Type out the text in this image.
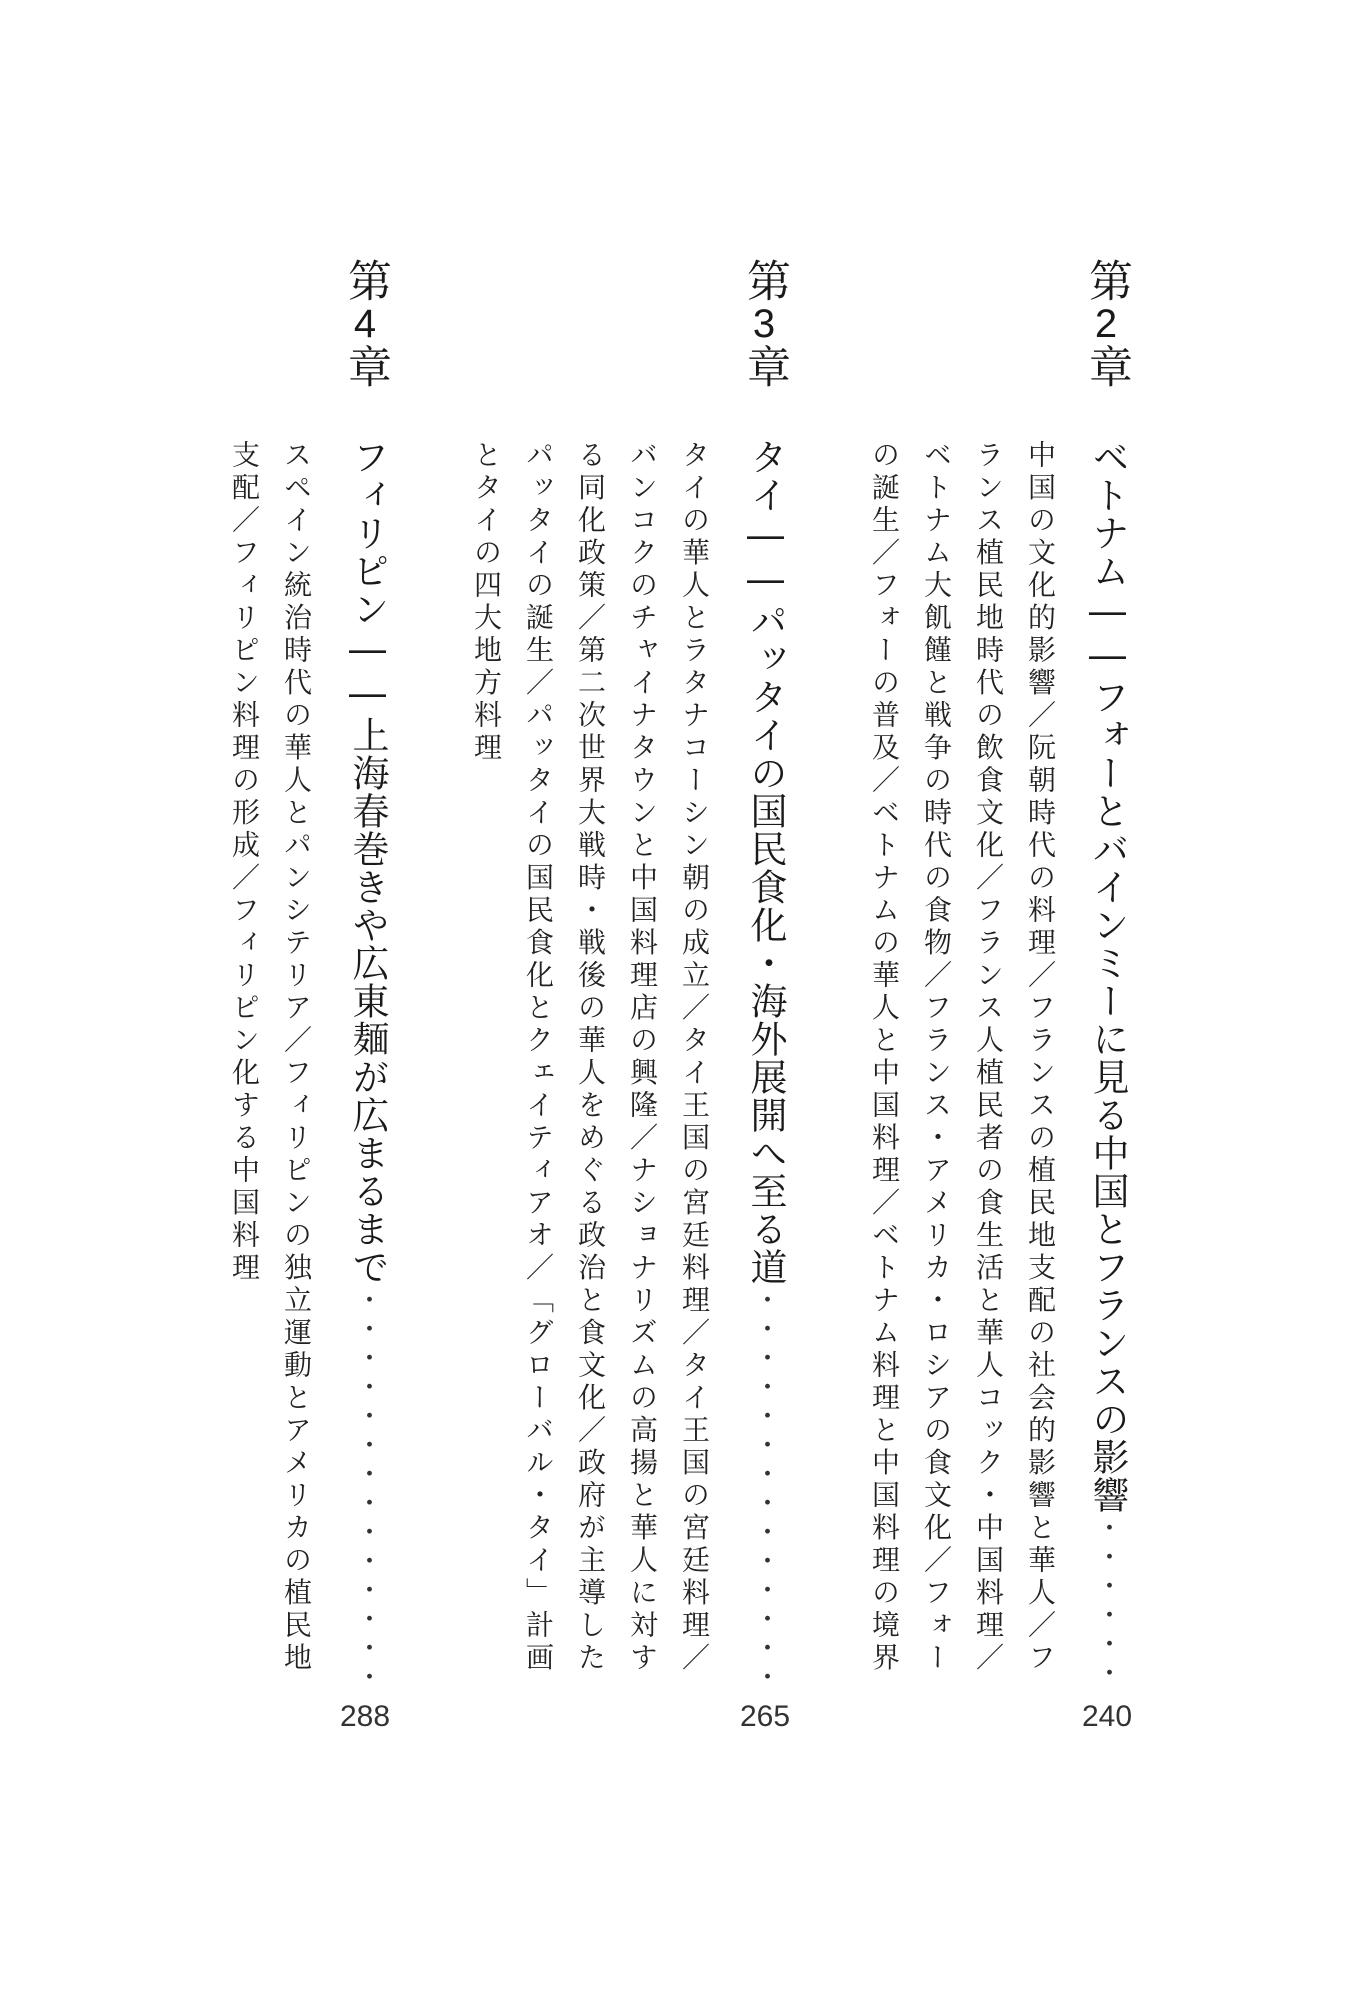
第2章
ベトナム――フォーとバインミーに見る中国とフランスの影響
・・・・・・・・・・・・・・・・・・・・・・・・・・・・・・・・・・・・・・・・・・・・・・・・・・・・・・・・・・・・・・・・・・・・・
240
中国の文化的影響／阮朝時代の料理／フランスの植民地支配の社会的影響と華人／フランス植民地時代の飲食文化／フランス人植民者の食生活と華人コック・中国料理／ベトナム大飢饉と戦争の時代の食物／フランス・アメリカ・ロシアの食文化／フォーの誕生／フォーの普及／ベトナムの華人と中国料理／ベトナム料理と中国料理の境界
第3章
タイ――パッタイの国民食化・海外展開へ至る道
・・・・・・・・・・・・・・・・・・・・・・・・・・・・・・・・・・・・・・・・・・・・・・・・・・・・・・・・・・・・・・・・・・・・・
265
タイの華人とラタナコーシン朝の成立／タイ王国の宮廷料理／タイ王国の宮廷料理／バンコクのチャイナタウンと中国料理店の興隆／ナショナリズムの高揚と華人に対する同化政策／第二次世界大戦時・戦後の華人をめぐる政治と食文化／政府が主導したパッタイの誕生／パッタイの国民食化とクェイティアオ／「グローバル・タイ」計画とタイの四大地方料理
第4章
フィリピン――上海春巻きや広東麺が広まるまで
・・・・・・・・・・・・・・・・・・・・・・・・・・・・・・・・・・・・・・・・・・・・・・・・・・・・・・・・・・・・・・・・・・・・・
288
スペイン統治時代の華人とパンシテリア／フィリピンの独立運動とアメリカの植民地支配／フィリピン料理の形成／フィリピン化する中国料理
